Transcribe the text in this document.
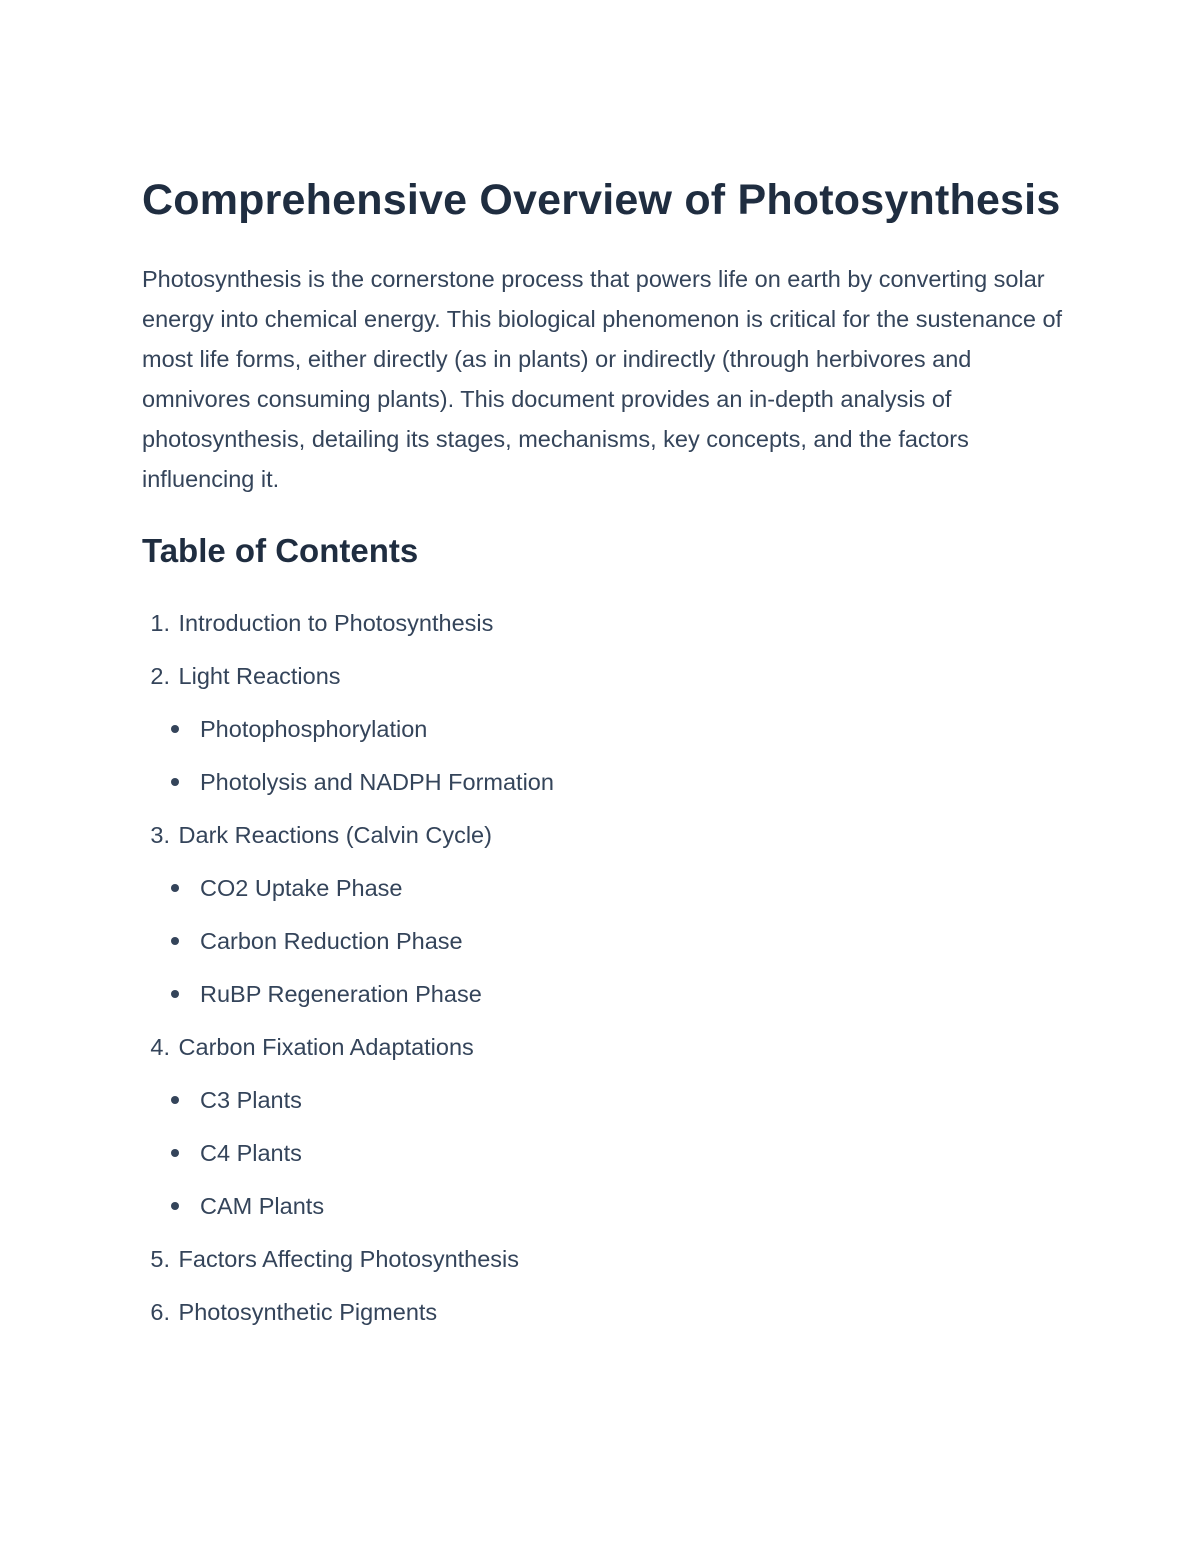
Comprehensive Overview of Photosynthesis

Photosynthesis is the cornerstone process that powers life on earth by converting solar energy into chemical energy. This biological phenomenon is critical for the sustenance of most life forms, either directly (as in plants) or indirectly (through herbivores and omnivores consuming plants). This document provides an in-depth analysis of photosynthesis, detailing its stages, mechanisms, key concepts, and the factors influencing it.

Table of Contents
1. Introduction to Photosynthesis
2. Light Reactions
Photophosphorylation
Photolysis and NADPH Formation
3. Dark Reactions (Calvin Cycle)
CO2 Uptake Phase
Carbon Reduction Phase
RuBP Regeneration Phase
4. Carbon Fixation Adaptations
C3 Plants
C4 Plants
CAM Plants
5. Factors Affecting Photosynthesis
6. Photosynthetic Pigments
